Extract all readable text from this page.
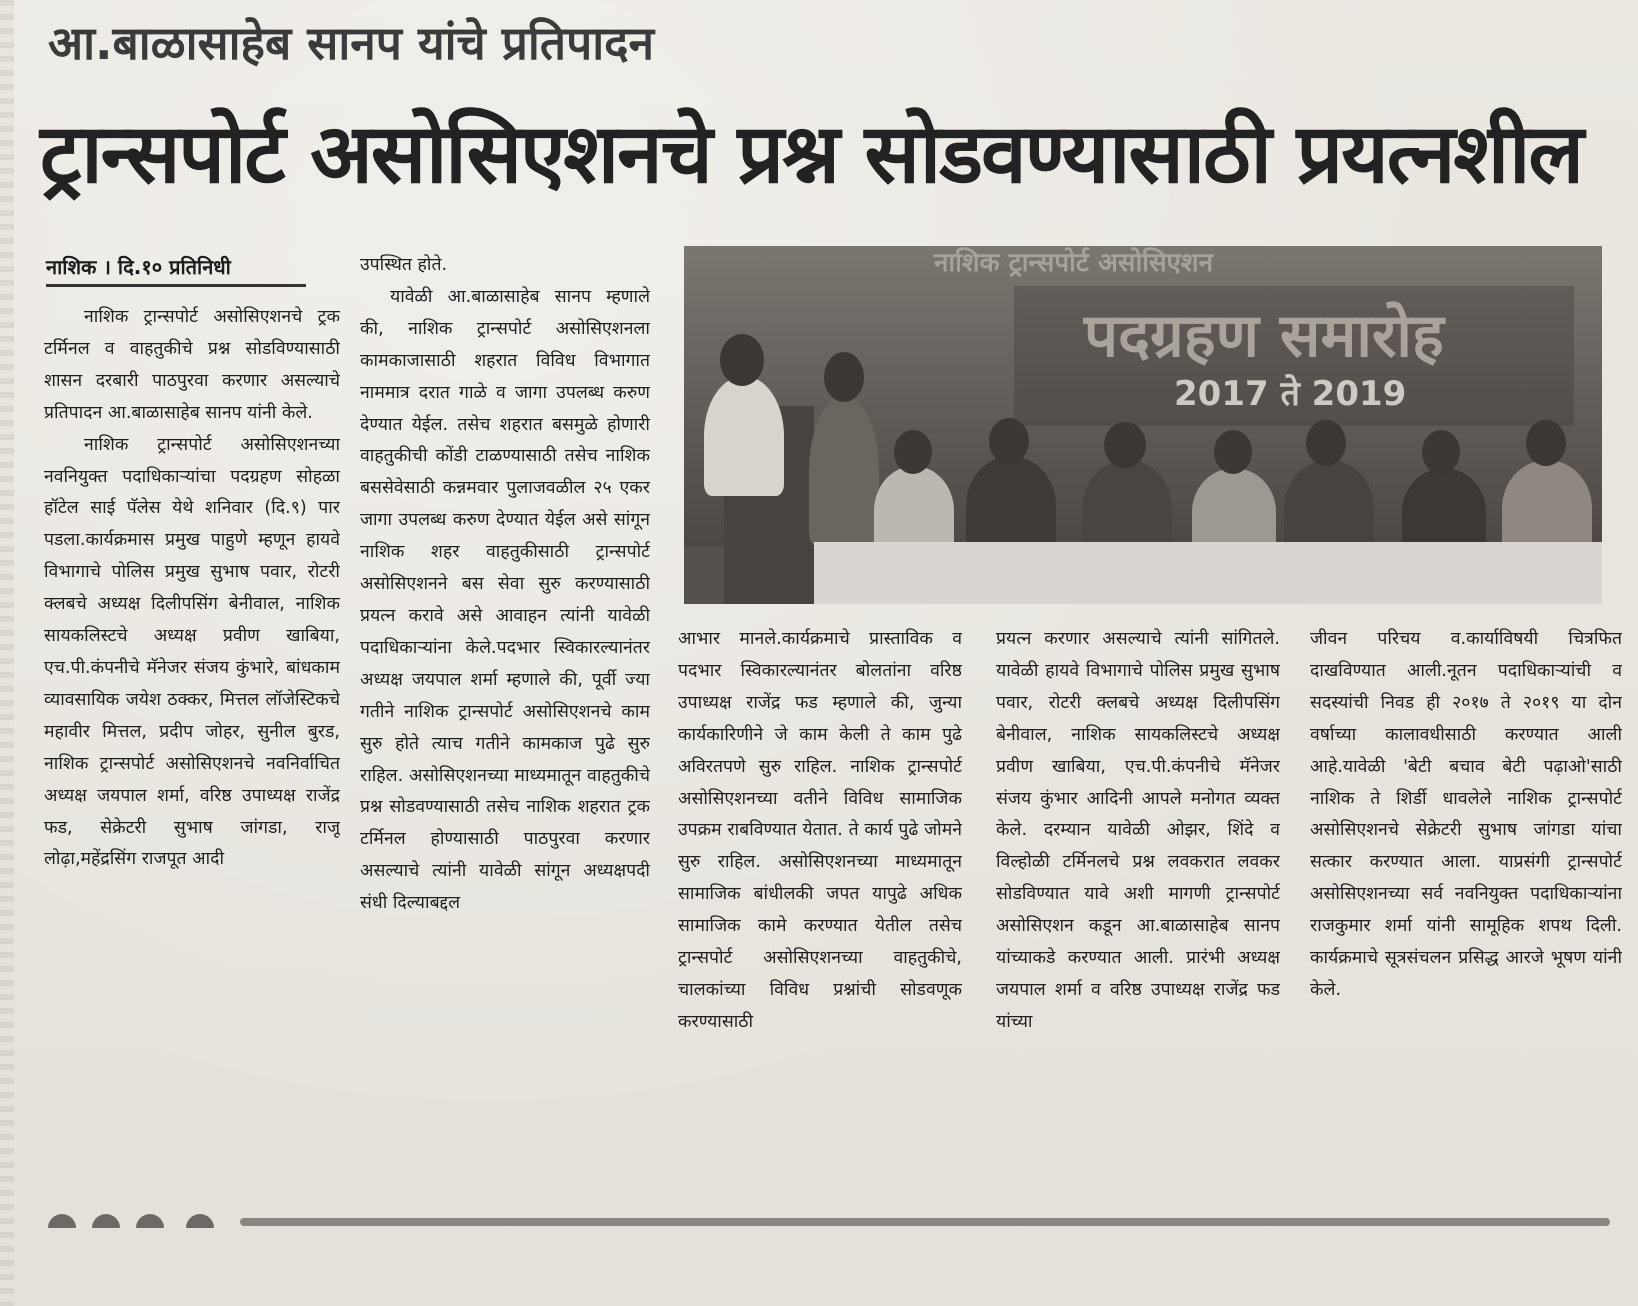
आ.बाळासाहेब सानप यांचे प्रतिपादन
ट्रान्सपोर्ट असोसिएशनचे प्रश्न सोडवण्यासाठी प्रयत्नशील
नाशिक । दि.१० प्रतिनिधी

नाशिक ट्रान्सपोर्ट असोसिएशनचे ट्रक टर्मिनल व वाहतुकीचे प्रश्न सोडविण्यासाठी शासन दरबारी पाठपुरवा करणार असल्याचे प्रतिपादन आ.बाळासाहेब सानप यांनी केले.

नाशिक ट्रान्सपोर्ट असोसिएशनच्या नवनियुक्त पदाधिकाऱ्यांचा पदग्रहण सोहळा हॉटेल साई पॅलेस येथे शनिवार (दि.९) पार पडला.कार्यक्रमास प्रमुख पाहुणे म्हणून हायवे विभागाचे पोलिस प्रमुख सुभाष पवार, रोटरी क्लबचे अध्यक्ष दिलीपसिंग बेनीवाल, नाशिक सायकलिस्टचे अध्यक्ष प्रवीण खाबिया, एच.पी.कंपनीचे मॅनेजर संजय कुंभारे, बांधकाम व्यावसायिक जयेश ठक्कर, मित्तल लॉजेस्टिकचे महावीर मित्तल, प्रदीप जोहर, सुनील बुरड, नाशिक ट्रान्सपोर्ट असोसिएशनचे नवनिर्वाचित अध्यक्ष जयपाल शर्मा, वरिष्ठ उपाध्यक्ष राजेंद्र फड, सेक्रेटरी सुभाष जांगडा, राजू लोढ़ा,महेंद्रसिंग राजपूत आदी

उपस्थित होते.

यावेळी आ.बाळासाहेब सानप म्हणाले की, नाशिक ट्रान्सपोर्ट असोसिएशनला कामकाजासाठी शहरात विविध विभागात नाममात्र दरात गाळे व जागा उपलब्ध करुण देण्यात येईल. तसेच शहरात बसमुळे होणारी वाहतुकीची कोंडी टाळण्यासाठी तसेच नाशिक बससेवेसाठी कन्नमवार पुलाजवळील २५ एकर जागा उपलब्ध करुण देण्यात येईल असे सांगून नाशिक शहर वाहतुकीसाठी ट्रान्सपोर्ट असोसिएशनने बस सेवा सुरु करण्यासाठी प्रयत्न करावे असे आवाहन त्यांनी यावेळी पदाधिकाऱ्यांना केले.पदभार स्विकारल्यानंतर अध्यक्ष जयपाल शर्मा म्हणाले की, पूर्वी ज्या गतीने नाशिक ट्रान्सपोर्ट असोसिएशनचे काम सुरु होते त्याच गतीने कामकाज पुढे सुरु राहिल. असोसिएशनच्या माध्यमातून वाहतुकीचे प्रश्न सोडवण्यासाठी तसेच नाशिक शहरात ट्रक टर्मिनल होण्यासाठी पाठपुरवा करणार असल्याचे त्यांनी यावेळी सांगून अध्यक्षपदी संधी दिल्याबद्दल

नाशिक ट्रान्सपोर्ट असोसिएशन
पदग्रहण समारोह
2017 ते 2019

आभार मानले.कार्यक्रमाचे प्रास्ताविक व पदभार स्विकारल्यानंतर बोलतांना वरिष्ठ उपाध्यक्ष राजेंद्र फड म्हणाले की, जुन्या कार्यकारिणीने जे काम केली ते काम पुढे अविरतपणे सुरु राहिल. नाशिक ट्रान्सपोर्ट असोसिएशनच्या वतीने विविध सामाजिक उपक्रम राबविण्यात येतात. ते कार्य पुढे जोमने सुरु राहिल. असोसिएशनच्या माध्यमातून सामाजिक बांधीलकी जपत यापुढे अधिक सामाजिक कामे करण्यात येतील तसेच ट्रान्सपोर्ट असोसिएशनच्या वाहतुकीचे, चालकांच्या विविध प्रश्नांची सोडवणूक करण्यासाठी

प्रयत्न करणार असल्याचे त्यांनी सांगितले. यावेळी हायवे विभागाचे पोलिस प्रमुख सुभाष पवार, रोटरी क्लबचे अध्यक्ष दिलीपसिंग बेनीवाल, नाशिक सायकलिस्टचे अध्यक्ष प्रवीण खाबिया, एच.पी.कंपनीचे मॅनेजर संजय कुंभार आदिनी आपले मनोगत व्यक्त केले. दरम्यान यावेळी ओझर, शिंदे व विल्होळी टर्मिनलचे प्रश्न लवकरात लवकर सोडविण्यात यावे अशी मागणी ट्रान्सपोर्ट असोसिएशन कडून आ.बाळासाहेब सानप यांच्याकडे करण्यात आली. प्रारंभी अध्यक्ष जयपाल शर्मा व वरिष्ठ उपाध्यक्ष राजेंद्र फड यांच्या

जीवन परिचय व.कार्याविषयी चित्रफित दाखविण्यात आली.नूतन पदाधिकाऱ्यांची व सदस्यांची निवड ही २०१७ ते २०१९ या दोन वर्षाच्या कालावधीसाठी करण्यात आली आहे.यावेळी 'बेटी बचाव बेटी पढ़ाओ'साठी नाशिक ते शिर्डी धावलेले नाशिक ट्रान्सपोर्ट असोसिएशनचे सेक्रेटरी सुभाष जांगडा यांचा सत्कार करण्यात आला. याप्रसंगी ट्रान्सपोर्ट असोसिएशनच्या सर्व नवनियुक्त पदाधिकाऱ्यांना राजकुमार शर्मा यांनी सामूहिक शपथ दिली. कार्यक्रमाचे सूत्रसंचलन प्रसिद्ध आरजे भूषण यांनी केले.
